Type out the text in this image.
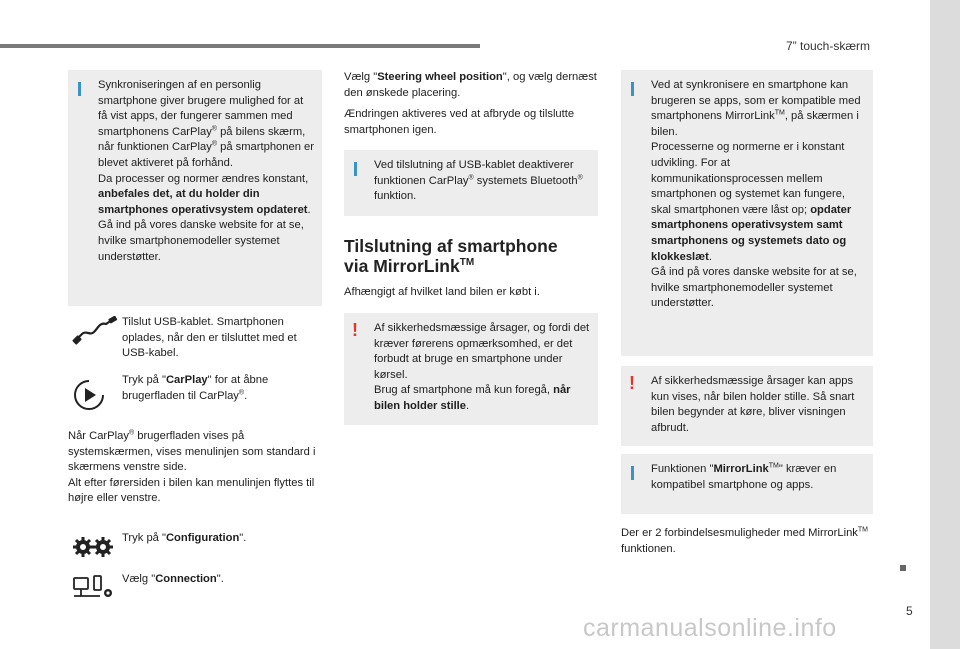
7” touch-skærm

Synkroniseringen af en personlig smartphone giver brugere mulighed for at få vist apps, der fungerer sammen med smartphonens CarPlay® på bilens skærm, når funktionen CarPlay® på smartphonen er blevet aktiveret på forhånd.

Da processer og normer ændres konstant, anbefales det, at du holder din smartphones operativsystem opdateret.

Gå ind på vores danske website for at se, hvilke smartphonemodeller systemet understøtter.

Tilslut USB-kablet. Smartphonen oplades, når den er tilsluttet med et USB-kabel.

Tryk på "CarPlay" for at åbne brugerfladen til CarPlay®.

Når CarPlay® brugerfladen vises på systemskærmen, vises menulinjen som standard i skærmens venstre side.

Alt efter førersiden i bilen kan menulinjen flyttes til højre eller venstre.

Tryk på "Configuration".

Vælg "Connection".

Vælg "Steering wheel position", og vælg dernæst den ønskede placering.

Ændringen aktiveres ved at afbryde og tilslutte smartphonen igen.

Ved tilslutning af USB-kablet deaktiverer funktionen CarPlay® systemets Bluetooth® funktion.

Tilslutning af smartphone
via MirrorLink™

Afhængigt af hvilket land bilen er købt i.

! Af sikkerhedsmæssige årsager, og fordi det kræver førerens opmærksomhed, er det forbudt at bruge en smartphone under kørsel.

Brug af smartphone må kun foregå, når bilen holder stille.

Ved at synkronisere en smartphone kan brugeren se apps, som er kompatible med smartphonens MirrorLink™, på skærmen i bilen.

Processerne og normerne er i konstant udvikling. For at kommunikationsprocessen mellem smartphonen og systemet kan fungere, skal smartphonen være låst op; opdater smartphonens operativsystem samt smartphonens og systemets dato og klokkeslæt.

Gå ind på vores danske website for at se, hvilke smartphonemodeller systemet understøtter.

! Af sikkerhedsmæssige årsager kan apps kun vises, når bilen holder stille. Så snart bilen begynder at køre, bliver visningen afbrudt.

Funktionen "MirrorLink™" kræver en kompatibel smartphone og apps.

Der er 2 forbindelsesmuligheder med MirrorLink™ funktionen.

5
carmanualsonline.info
